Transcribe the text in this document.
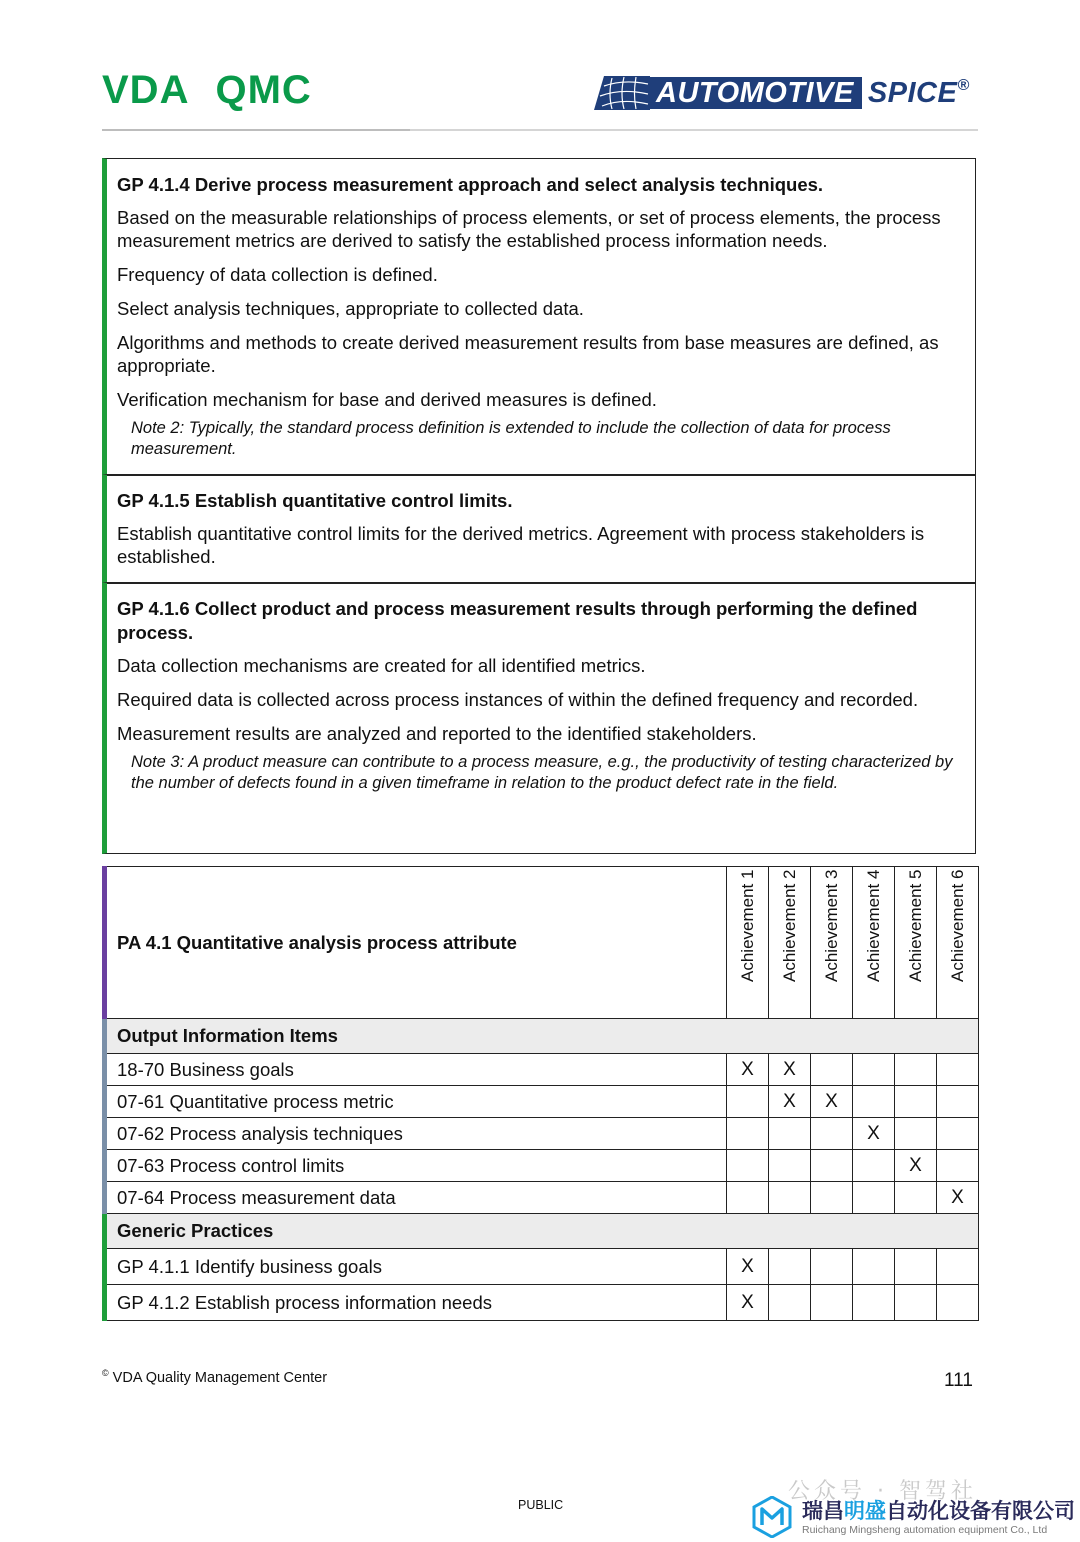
VDA QMC	AUTOMOTIVE SPICE®

GP 4.1.4 Derive process measurement approach and select analysis techniques.

Based on the measurable relationships of process elements, or set of process elements, the process measurement metrics are derived to satisfy the established process information needs.

Frequency of data collection is defined.

Select analysis techniques, appropriate to collected data.

Algorithms and methods to create derived measurement results from base measures are defined, as appropriate.

Verification mechanism for base and derived measures is defined.

Note 2: Typically, the standard process definition is extended to include the collection of data for process measurement.

GP 4.1.5 Establish quantitative control limits.

Establish quantitative control limits for the derived metrics. Agreement with process stakeholders is established.

GP 4.1.6 Collect product and process measurement results through performing the defined process.

Data collection mechanisms are created for all identified metrics.

Required data is collected across process instances of within the defined frequency and recorded.

Measurement results are analyzed and reported to the identified stakeholders.

Note 3: A product measure can contribute to a process measure, e.g., the productivity of testing characterized by the number of defects found in a given timeframe in relation to the product defect rate in the field.

PA 4.1 Quantitative analysis process attribute	Achievement 1	Achievement 2	Achievement 3	Achievement 4	Achievement 5	Achievement 6

Output Information Items						
18-70 Business goals	X	X				
07-61 Quantitative process metric		X	X			
07-62 Process analysis techniques				X		
07-63 Process control limits					X	
07-64 Process measurement data						X
Generic Practices						
GP 4.1.1 Identify business goals	X					
GP 4.1.2 Establish process information needs	X					
© VDA Quality Management Center	111
PUBLIC
公众号 · 智驾社
瑞昌明盛自动化设备有限公司
Ruichang Mingsheng automation equipment Co., Ltd
